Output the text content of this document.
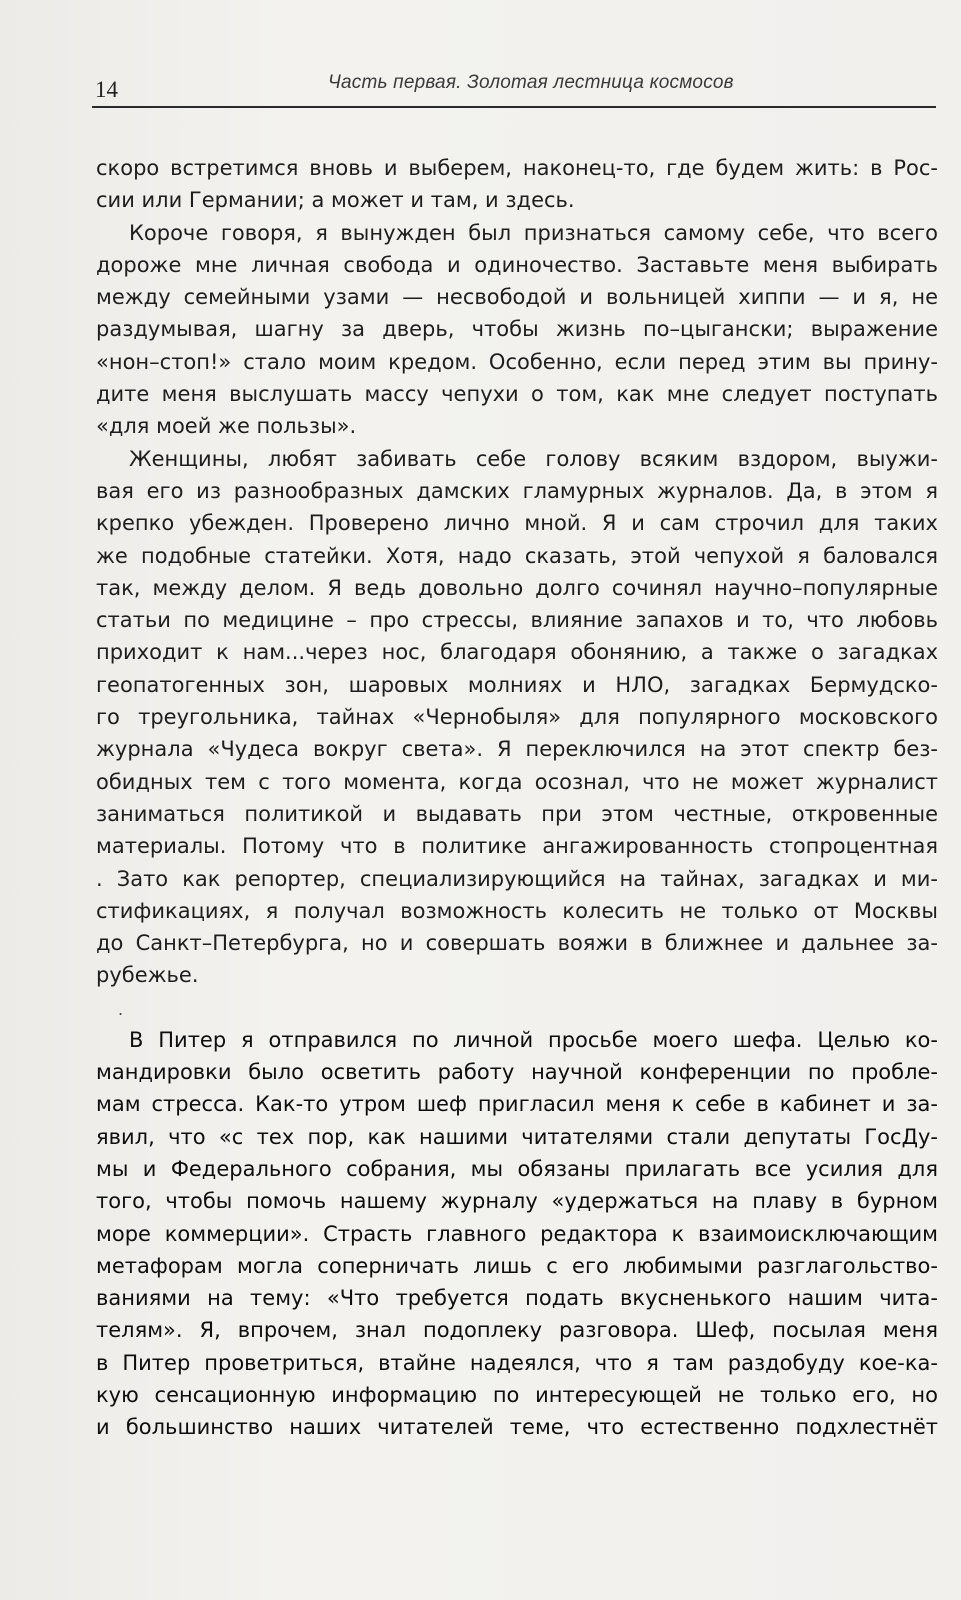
14	Часть первая. Золотая лестница космосов
скоро встретимся вновь и выберем, наконец-то, где будем жить: в Рос-
сии или Германии; а может и там, и здесь.
Короче говоря, я вынужден был признаться самому себе, что всего
дороже мне личная свобода и одиночество. Заставьте меня выбирать
между семейными узами — несвободой и вольницей хиппи — и я, не
раздумывая, шагну за дверь, чтобы жизнь по–цыгански; выражение
«нон–стоп!» стало моим кредом. Особенно, если перед этим вы прину-
дите меня выслушать массу чепухи о том, как мне следует поступать
«для моей же пользы».
Женщины, любят забивать себе голову всяким вздором, выужи-
вая его из разнообразных дамских гламурных журналов. Да, в этом я
крепко убежден. Проверено лично мной. Я и сам строчил для таких
же подобные статейки. Хотя, надо сказать, этой чепухой я баловался
так, между делом. Я ведь довольно долго сочинял научно–популярные
статьи по медицине – про стрессы, влияние запахов и то, что любовь
приходит к нам...через нос, благодаря обонянию, а также о загадках
геопатогенных зон, шаровых молниях и НЛО, загадках Бермудско-
го треугольника, тайнах «Чернобыля» для популярного московского
журнала «Чудеса вокруг света». Я переключился на этот спектр без-
обидных тем с того момента, когда осознал, что не может журналист
заниматься политикой и выдавать при этом честные, откровенные
материалы. Потому что в политике ангажированность стопроцентная
. Зато как репортер, специализирующийся на тайнах, загадках и ми-
стификациях, я получал возможность колесить не только от Москвы
до Санкт–Петербурга, но и совершать вояжи в ближнее и дальнее за-
рубежье.
.
В Питер я отправился по личной просьбе моего шефа. Целью ко-
мандировки было осветить работу научной конференции по пробле-
мам стресса. Как-то утром шеф пригласил меня к себе в кабинет и за-
явил, что «с тех пор, как нашими читателями стали депутаты ГосДу-
мы и Федерального собрания, мы обязаны прилагать все усилия для
того, чтобы помочь нашему журналу «удержаться на плаву в бурном
море коммерции». Страсть главного редактора к взаимоисключающим
метафорам могла соперничать лишь с его любимыми разглагольство-
ваниями на тему: «Что требуется подать вкусненького нашим чита-
телям». Я, впрочем, знал подоплеку разговора. Шеф, посылая меня
в Питер проветриться, втайне надеялся, что я там раздобуду кое-ка-
кую сенсационную информацию по интересующей не только его, но
и большинство наших читателей теме, что естественно подхлестнёт
